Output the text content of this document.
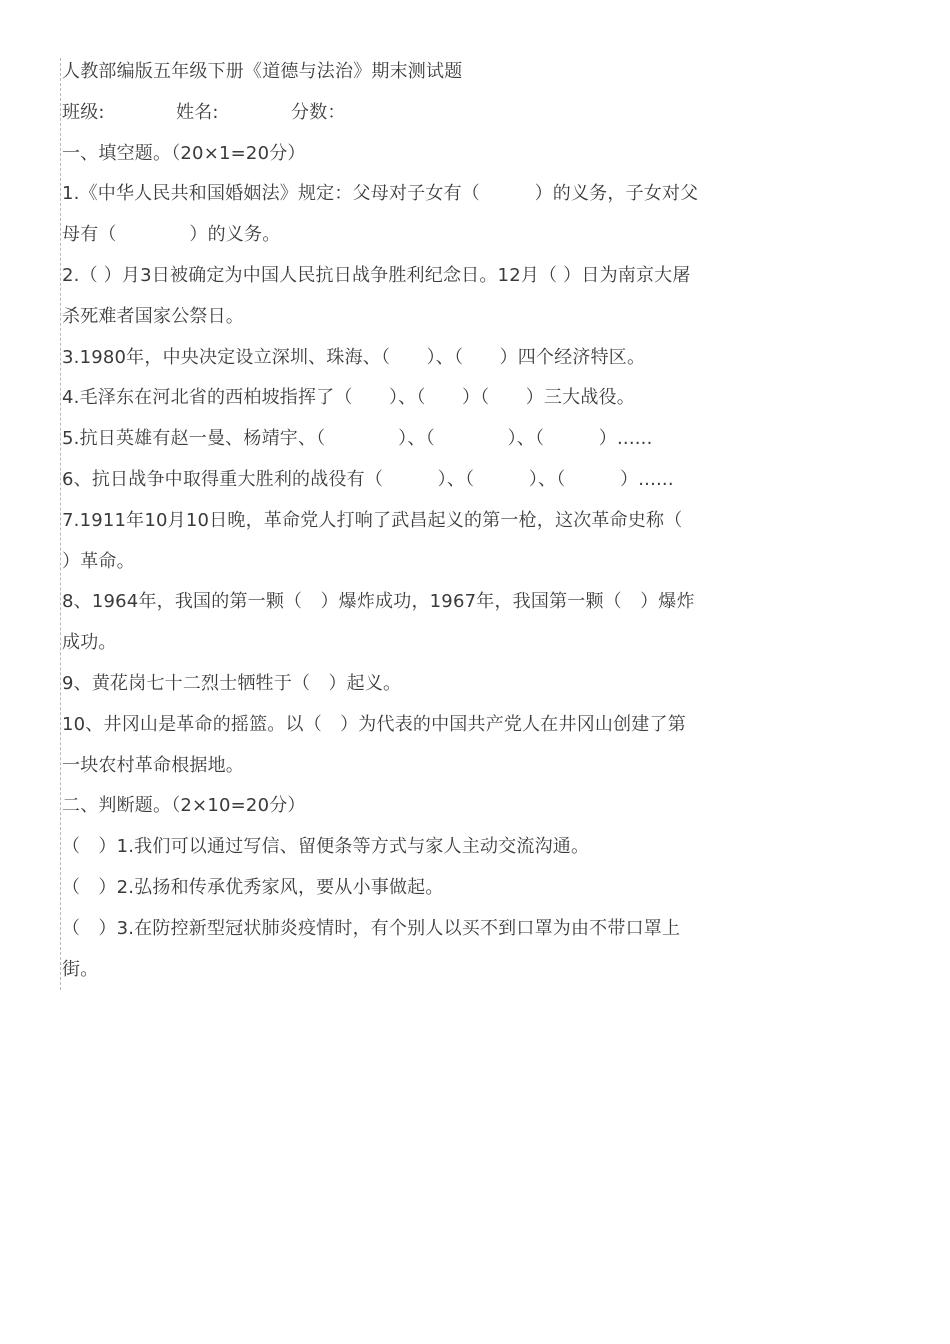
人教部编版五年级下册《道德与法治》期末测试题
班级:	姓名:	分数：
一、填空题。（20×1=20分）
1.《中华人民共和国婚姻法》规定：父母对子女有（　　　）的义务，子女对父
母有（　　　　）的义务。
2.（ ）月3日被确定为中国人民抗日战争胜利纪念日。12月（ ）日为南京大屠
杀死难者国家公祭日。
3.1980年，中央决定设立深圳、珠海、（　　）、（　　）四个经济特区。
4.毛泽东在河北省的西柏坡指挥了（　　）、（　　）（　　）三大战役。
5.抗日英雄有赵一曼、杨靖宇、（　　　　）、（　　　　）、（　　　）......
6、抗日战争中取得重大胜利的战役有（　　　）、（　　　）、（　　　）......
7.1911年10月10日晚，革命党人打响了武昌起义的第一枪，这次革命史称（
）革命。
8、1964年，我国的第一颗（　）爆炸成功，1967年，我国第一颗（　）爆炸
成功。
9、黄花岗七十二烈士牺牲于（　）起义。
10、井冈山是革命的摇篮。以（　）为代表的中国共产党人在井冈山创建了第
一块农村革命根据地。
二、判断题。（2×10=20分）
（　）1.我们可以通过写信、留便条等方式与家人主动交流沟通。
（　）2.弘扬和传承优秀家风，要从小事做起。
（　）3.在防控新型冠状肺炎疫情时，有个别人以买不到口罩为由不带口罩上
街。
